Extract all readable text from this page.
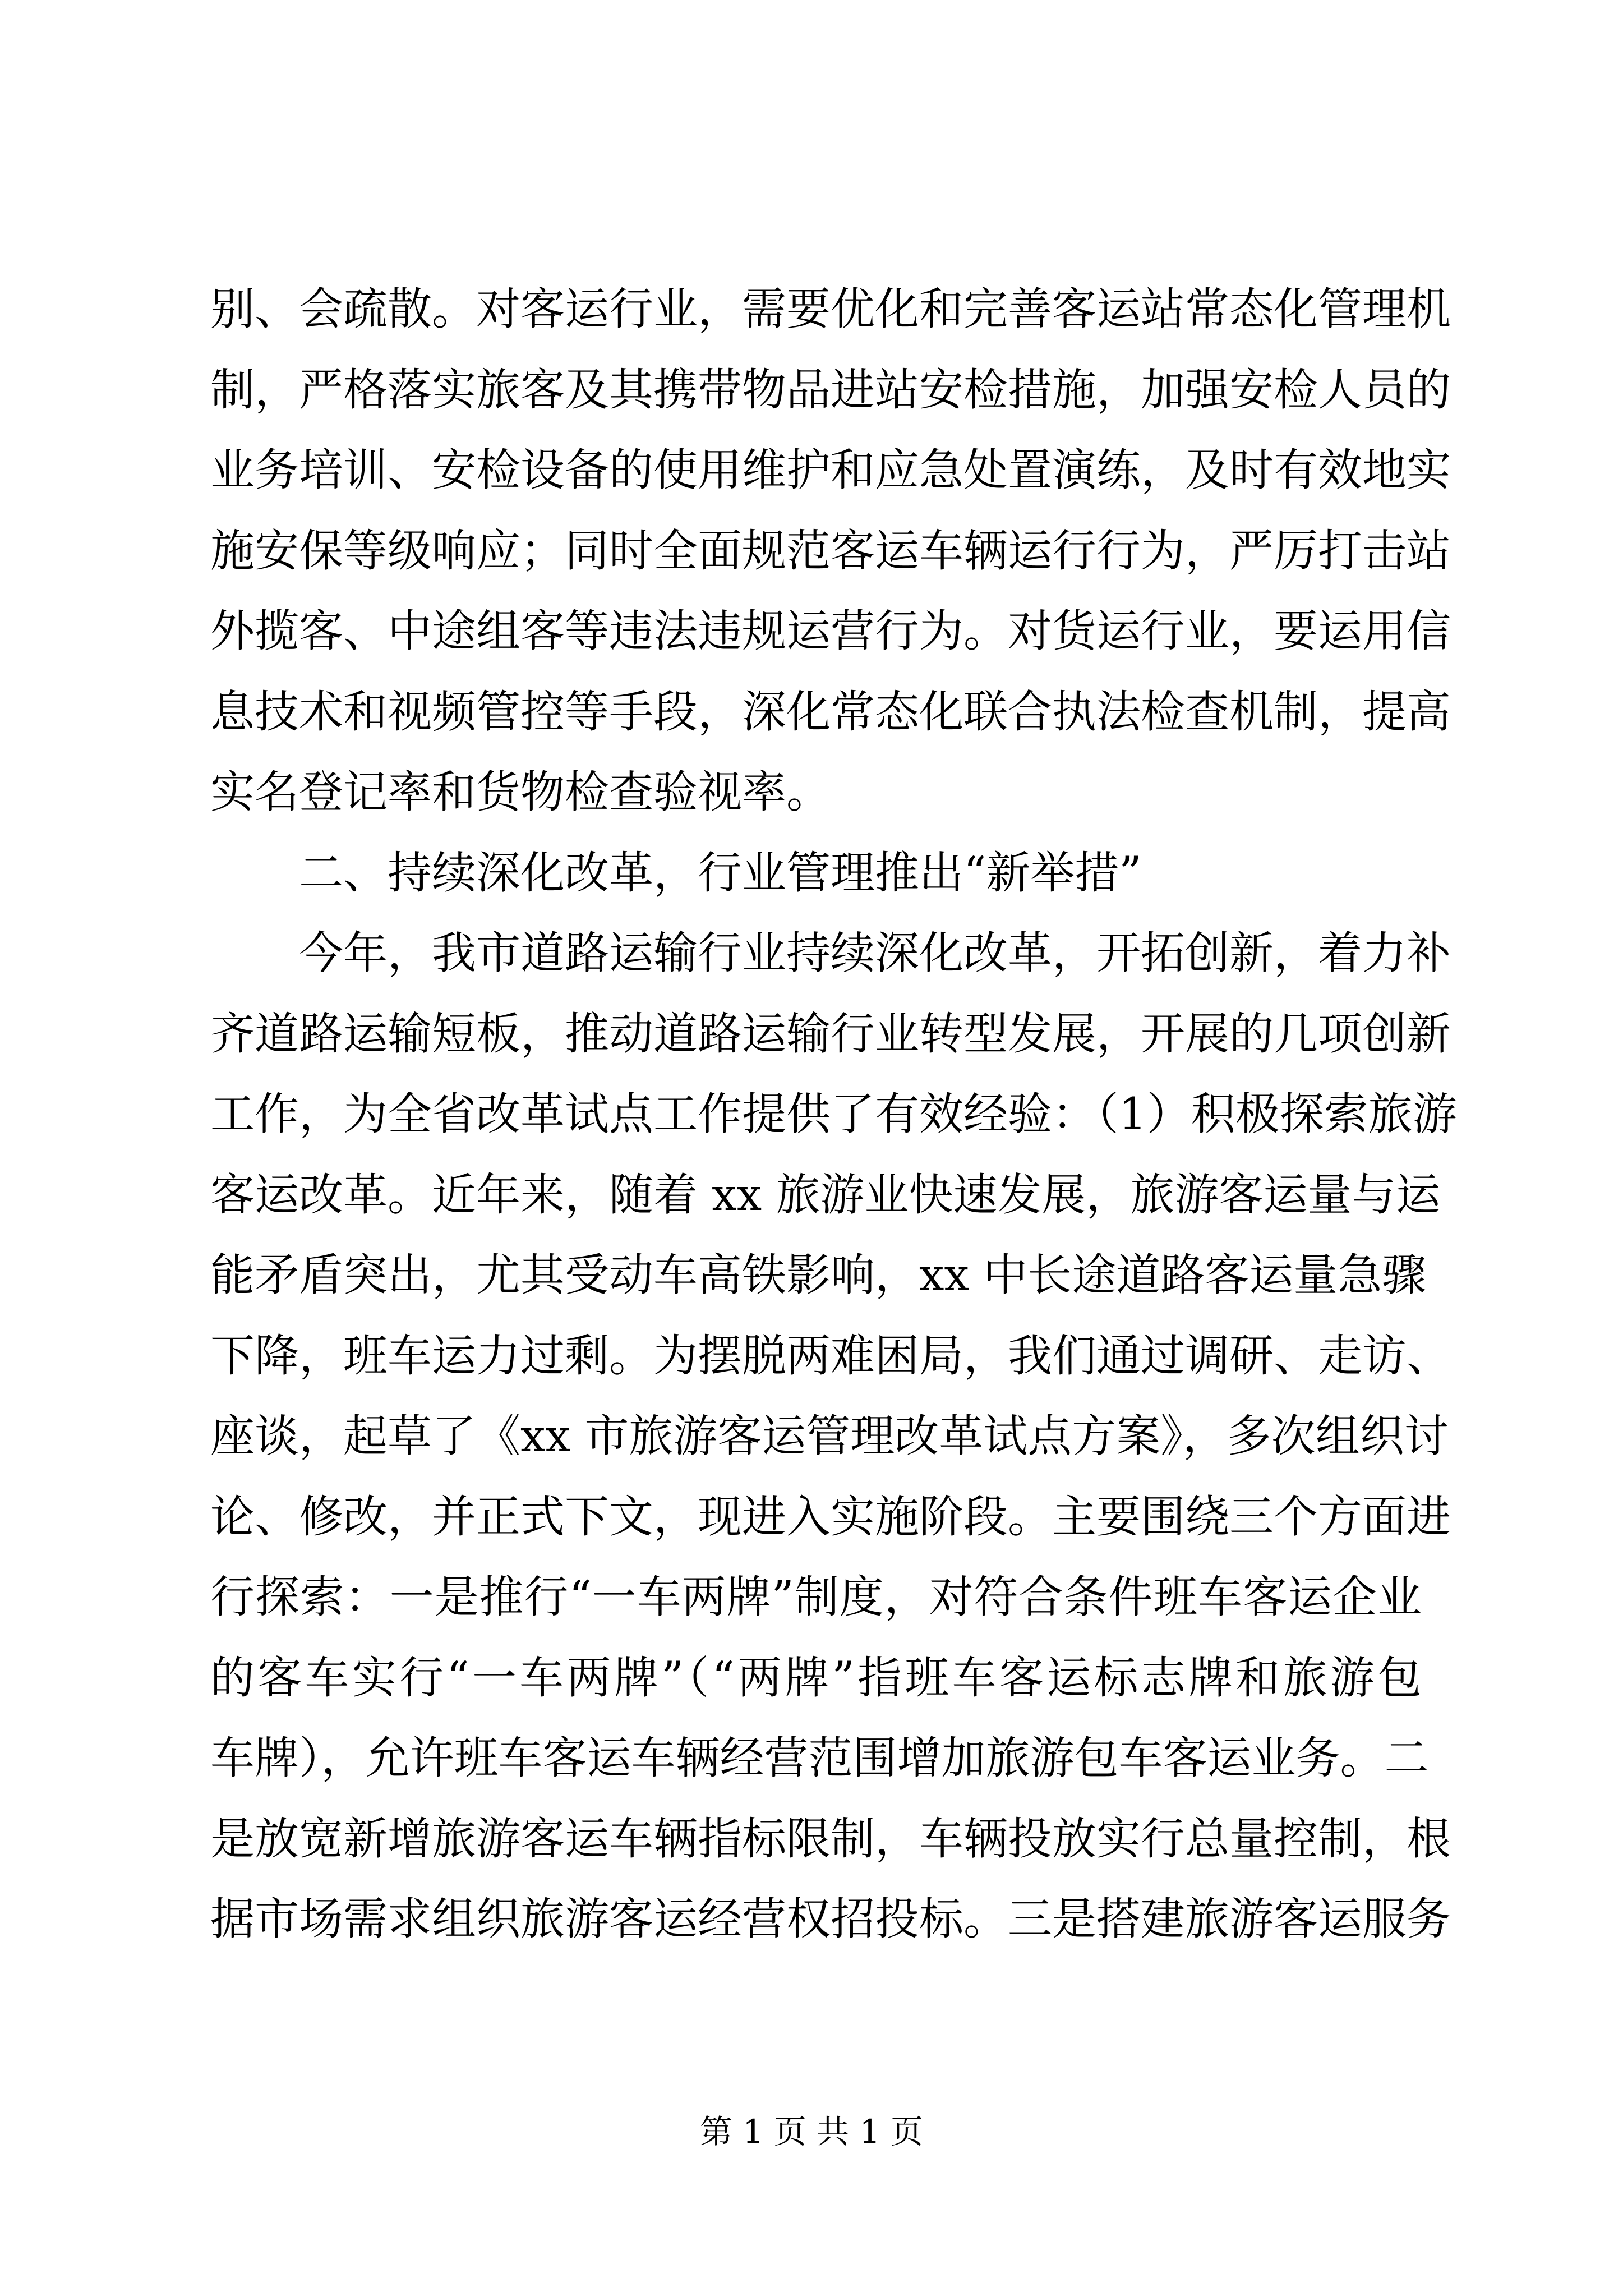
别、会疏散。对客运行业，需要优化和完善客运站常态化管理机
制，严格落实旅客及其携带物品进站安检措施，加强安检人员的
业务培训、安检设备的使用维护和应急处置演练，及时有效地实
施安保等级响应；同时全面规范客运车辆运行行为，严厉打击站
外揽客、中途组客等违法违规运营行为。对货运行业，要运用信
息技术和视频管控等手段，深化常态化联合执法检查机制，提高
实名登记率和货物检查验视率。
二、持续深化改革，行业管理推出“新举措”
今年，我市道路运输行业持续深化改革，开拓创新，着力补
齐道路运输短板，推动道路运输行业转型发展，开展的几项创新
工作，为全省改革试点工作提供了有效经验：（1）积极探索旅游
客运改革。近年来，随着 xx 旅游业快速发展，旅游客运量与运
能矛盾突出，尤其受动车高铁影响，xx 中长途道路客运量急骤
下降，班车运力过剩。为摆脱两难困局，我们通过调研、走访、
座谈，起草了《xx 市旅游客运管理改革试点方案》，多次组织讨
论、修改，并正式下文，现进入实施阶段。主要围绕三个方面进
行探索：一是推行“一车两牌”制度，对符合条件班车客运企业
的客车实行“一车两牌”（“两牌”指班车客运标志牌和旅游包
车牌），允许班车客运车辆经营范围增加旅游包车客运业务。二
是放宽新增旅游客运车辆指标限制，车辆投放实行总量控制，根
据市场需求组织旅游客运经营权招投标。三是搭建旅游客运服务
第 1 页 共 1 页
